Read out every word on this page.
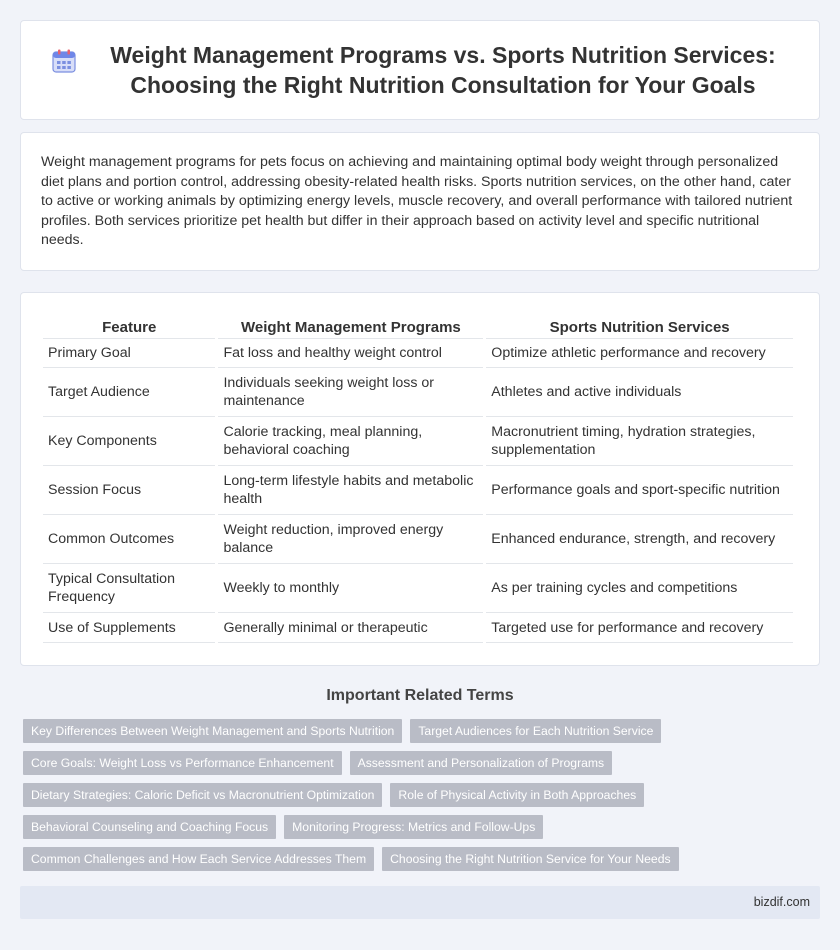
Weight Management Programs vs. Sports Nutrition Services: Choosing the Right Nutrition Consultation for Your Goals

Weight management programs for pets focus on achieving and maintaining optimal body weight through personalized diet plans and portion control, addressing obesity-related health risks. Sports nutrition services, on the other hand, cater to active or working animals by optimizing energy levels, muscle recovery, and overall performance with tailored nutrient profiles. Both services prioritize pet health but differ in their approach based on activity level and specific nutritional needs.

Feature	Weight Management Programs	Sports Nutrition Services
Primary Goal	Fat loss and healthy weight control	Optimize athletic performance and recovery
Target Audience	Individuals seeking weight loss or maintenance	Athletes and active individuals
Key Components	Calorie tracking, meal planning, behavioral coaching	Macronutrient timing, hydration strategies, supplementation
Session Focus	Long-term lifestyle habits and metabolic health	Performance goals and sport-specific nutrition
Common Outcomes	Weight reduction, improved energy balance	Enhanced endurance, strength, and recovery
Typical Consultation Frequency	Weekly to monthly	As per training cycles and competitions
Use of Supplements	Generally minimal or therapeutic	Targeted use for performance and recovery
Important Related Terms
Key Differences Between Weight Management and Sports Nutrition	Target Audiences for Each Nutrition Service
Core Goals: Weight Loss vs Performance Enhancement	Assessment and Personalization of Programs
Dietary Strategies: Caloric Deficit vs Macronutrient Optimization	Role of Physical Activity in Both Approaches
Behavioral Counseling and Coaching Focus	Monitoring Progress: Metrics and Follow-Ups
Common Challenges and How Each Service Addresses Them	Choosing the Right Nutrition Service for Your Needs
bizdif.com
